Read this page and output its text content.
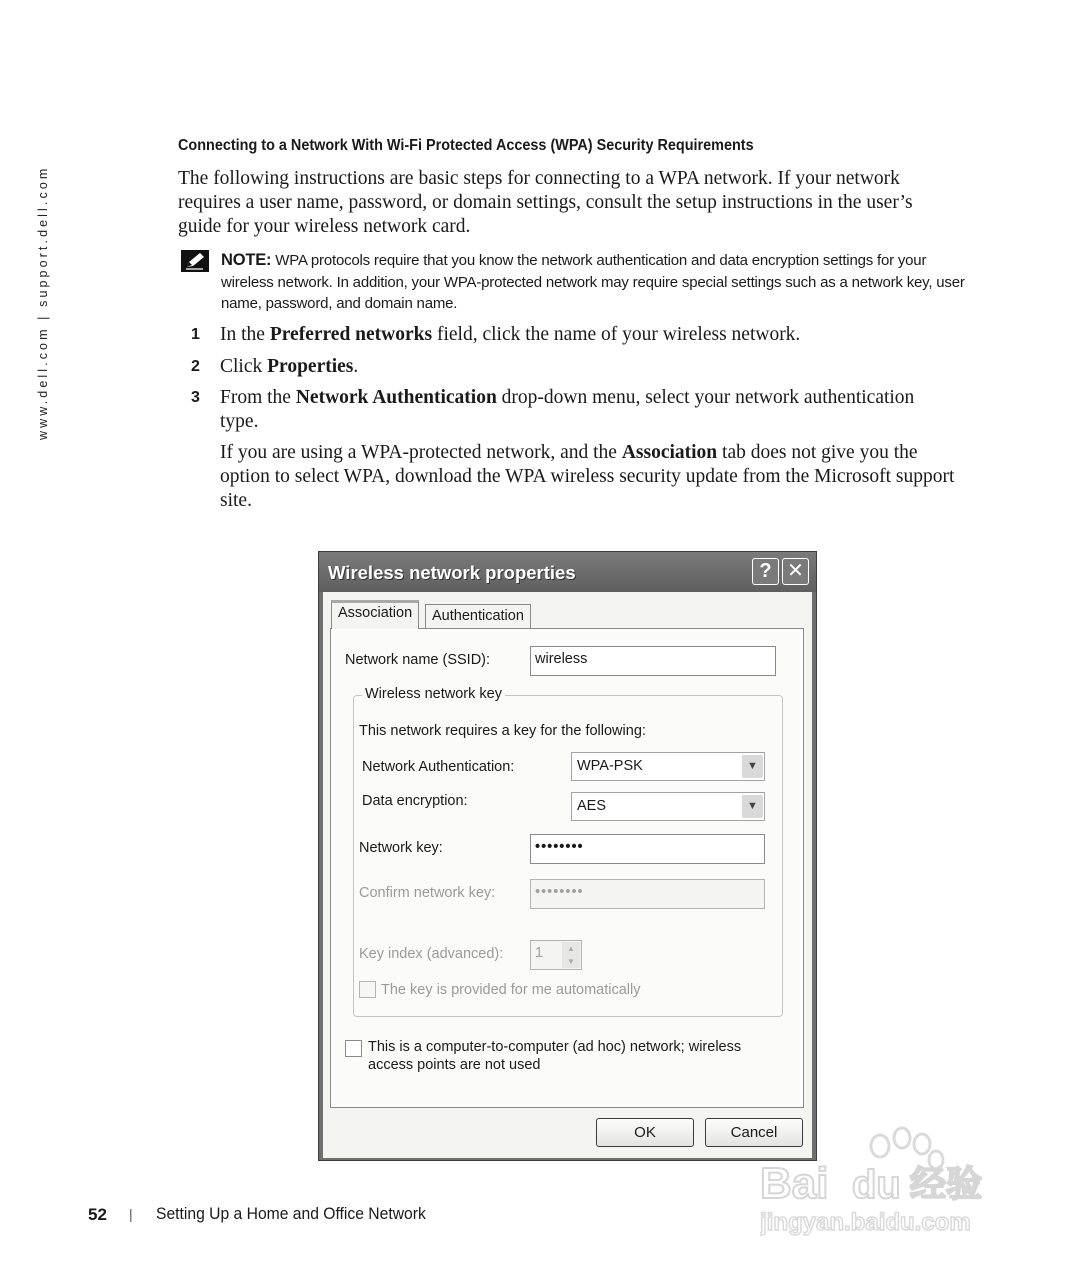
www.dell.com | support.dell.com
Connecting to a Network With Wi-Fi Protected Access (WPA) Security Requirements
The following instructions are basic steps for connecting to a WPA network. If your network requires a user name, password, or domain settings, consult the setup instructions in the user’s guide for your wireless network card.
NOTE: WPA protocols require that you know the network authentication and data encryption settings for your wireless network. In addition, your WPA-protected network may require special settings such as a network key, user name, password, and domain name.
1 In the Preferred networks field, click the name of your wireless network.
2 Click Properties.
3 From the Network Authentication drop-down menu, select your network authentication type.
If you are using a WPA-protected network, and the Association tab does not give you the option to select WPA, download the WPA wireless security update from the Microsoft support site.
Wireless network properties	? ✕
Association	Authentication
Network name (SSID):	wireless
Wireless network key
This network requires a key for the following:
Network Authentication:	WPA-PSK	▼
Data encryption:	AES	▼
Network key:	••••••••
Confirm network key:	••••••••
Key index (advanced):	1	▲
▼
The key is provided for me automatically
This is a computer-to-computer (ad hoc) network; wireless
access points are not used
OK	Cancel
52 | Setting Up a Home and Office Network
Bai du 经验
jingyan.baidu.com
